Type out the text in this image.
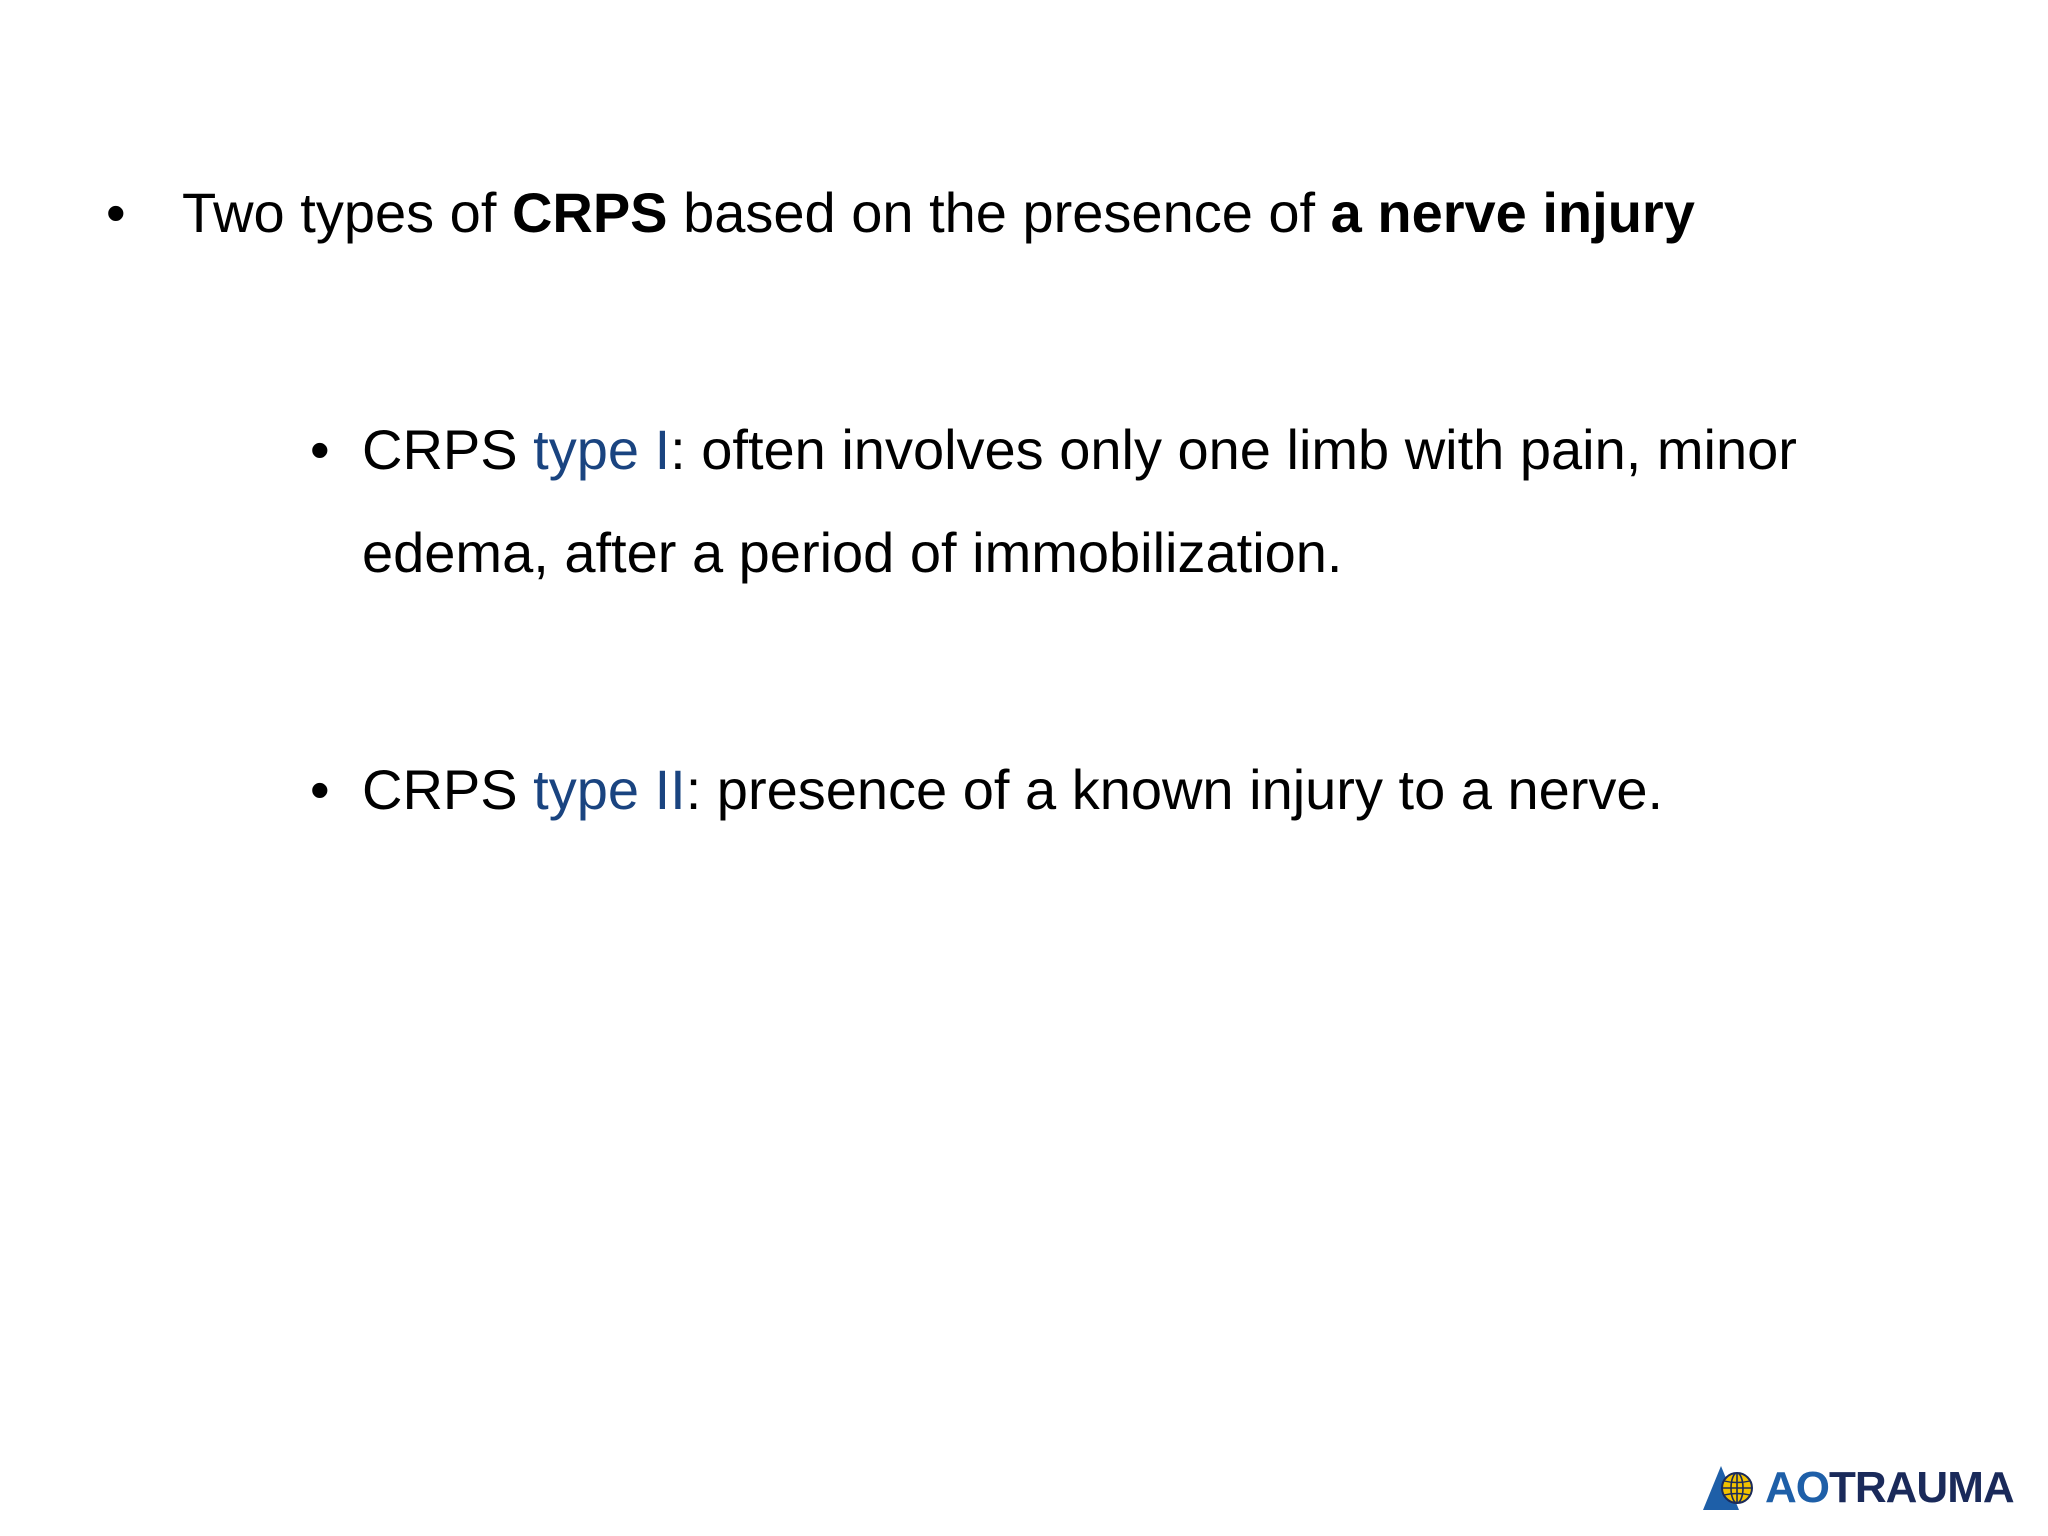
• Two types of CRPS based on the presence of a nerve injury
• CRPS type I: often involves only one limb with pain, minor edema, after a period of immobilization.
• CRPS type II: presence of a known injury to a nerve.
AOTRAUMA
